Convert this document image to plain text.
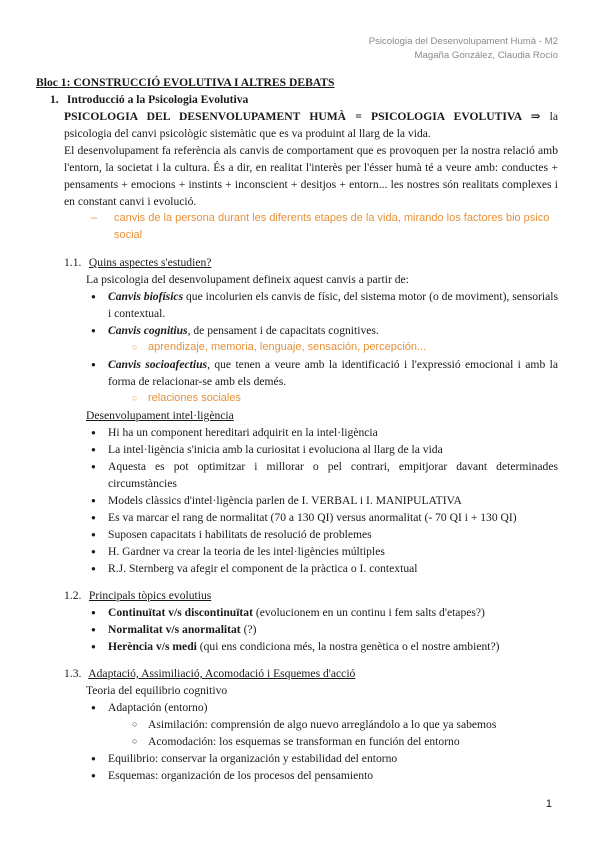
Psicologia del Desenvolupament Humà - M2
Magaña González, Claudia Rocío
Bloc 1: CONSTRUCCIÓ EVOLUTIVA I ALTRES DEBATS
1. Introducció a la Psicologia Evolutiva
PSICOLOGIA DEL DESENVOLUPAMENT HUMÀ = PSICOLOGIA EVOLUTIVA ⇒ la psicologia del canvi psicològic sistemàtic que es va produint al llarg de la vida.
El desenvolupament fa referència als canvis de comportament que es provoquen per la nostra relació amb l'entorn, la societat i la cultura. És a dir, en realitat l'interès per l'ésser humà té a veure amb: conductes + pensaments + emocions + instints + inconscient + desitjos + entorn... les nostres són realitats complexes i en constant canvi i evolució.
– canvis de la persona durant les diferents etapes de la vida, mirando los factores bio psico social
1.1. Quins aspectes s'estudien?
La psicologia del desenvolupament defineix aquest canvis a partir de:
● Canvis biofísics que incolurien els canvis de físic, del sistema motor (o de moviment), sensorials i contextual.
● Canvis cognitius, de pensament i de capacitats cognitives.
○ aprendizaje, memoria, lenguaje, sensación, percepción...
● Canvis socioafectius, que tenen a veure amb la identificació i l'expressió emocional i amb la forma de relacionar-se amb els demés.
○ relaciones sociales
Desenvolupament intel·ligència
● Hi ha un component hereditari adquirit en la intel·ligència
● La intel·ligència s'inicia amb la curiositat i evoluciona al llarg de la vida
● Aquesta es pot optimitzar i millorar o pel contrari, empitjorar davant determinades circumstàncies
● Models clàssics d'intel·ligència parlen de I. VERBAL i I. MANIPULATIVA
● Es va marcar el rang de normalitat (70 a 130 QI) versus anormalitat (- 70 QI i + 130 QI)
● Suposen capacitats i habilitats de resolució de problemes
● H. Gardner va crear la teoria de les intel·ligències múltiples
● R.J. Sternberg va afegir el component de la pràctica o I. contextual
1.2. Principals tòpics evolutius
● Continuïtat v/s discontinuïtat (evolucionem en un continu i fem salts d'etapes?)
● Normalitat v/s anormalitat (?)
● Herència v/s medi (qui ens condiciona més, la nostra genètica o el nostre ambient?)
1.3. Adaptació, Assimiliació, Acomodació i Esquemes d'acció
Teoria del equilibrio cognitivo
● Adaptación (entorno)
○ Asimilación: comprensión de algo nuevo arreglándolo a lo que ya sabemos
○ Acomodación: los esquemas se transforman en función del entorno
● Equilibrio: conservar la organización y estabilidad del entorno
● Esquemas: organización de los procesos del pensamiento
1
